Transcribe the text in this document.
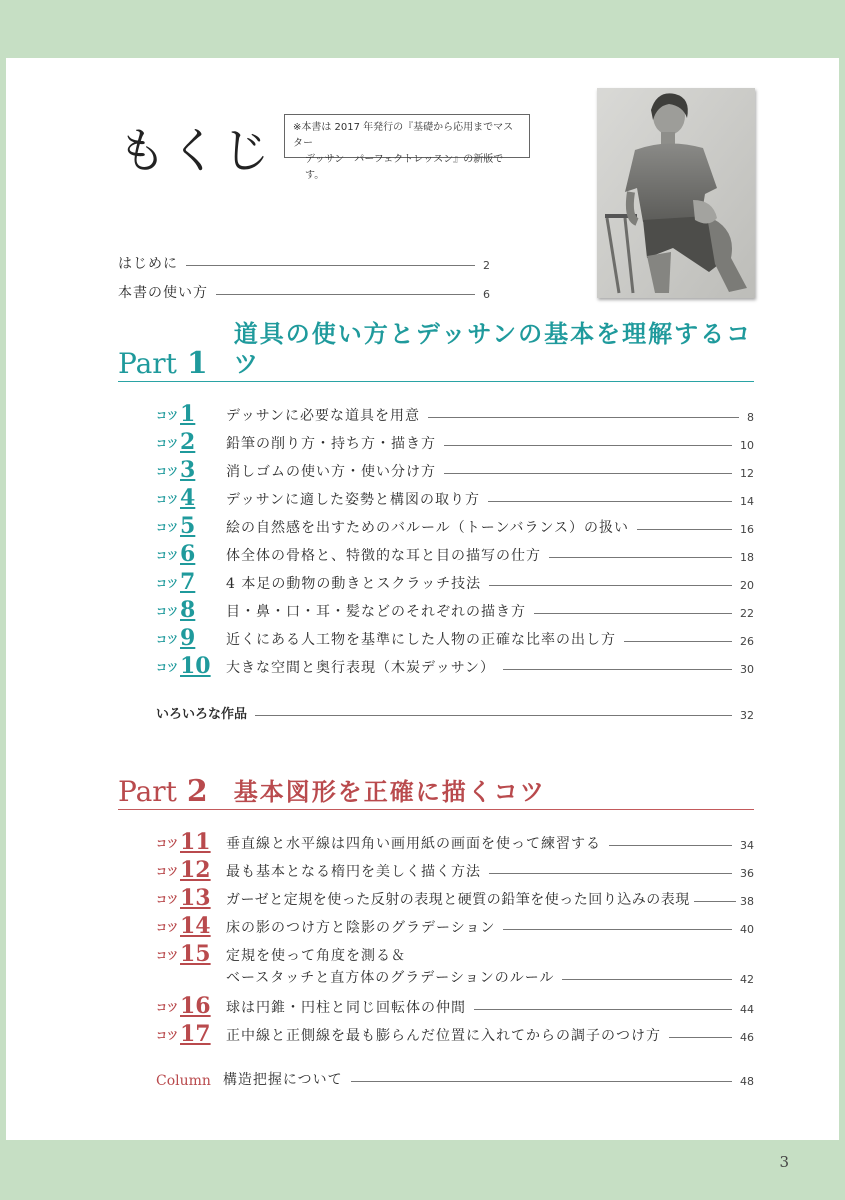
もくじ	※本書は 2017 年発行の『基礎から応用までマスター
デッサン　パーフェクトレッスン』の新版です。
はじめに	2
本書の使い方	6
Part 1
道具の使い方とデッサンの基本を理解するコツ
コツ 1 デッサンに必要な道具を用意	8
コツ 2 鉛筆の削り方・持ち方・描き方	10
コツ 3 消しゴムの使い方・使い分け方	12
コツ 4 デッサンに適した姿勢と構図の取り方	14
コツ 5 絵の自然感を出すためのバルール（トーンバランス）の扱い	16
コツ 6 体全体の骨格と、特徴的な耳と目の描写の仕方	18
コツ 7 4 本足の動物の動きとスクラッチ技法	20
コツ 8 目・鼻・口・耳・髪などのそれぞれの描き方	22
コツ 9 近くにある人工物を基準にした人物の正確な比率の出し方	26
コツ 10 大きな空間と奥行表現（木炭デッサン）	30
いろいろな作品	32
Part 2 基本図形を正確に描くコツ
コツ 11 垂直線と水平線は四角い画用紙の画面を使って練習する	34
コツ 12 最も基本となる楕円を美しく描く方法	36
コツ 13 ガーゼと定規を使った反射の表現と硬質の鉛筆を使った回り込みの表現	38
コツ 14 床の影のつけ方と陰影のグラデーション	40
コツ 15 定規を使って角度を測る＆
ベースタッチと直方体のグラデーションのルール	42
コツ 16 球は円錐・円柱と同じ回転体の仲間	44
コツ 17 正中線と正側線を最も膨らんだ位置に入れてからの調子のつけ方	46
Column 構造把握について	48
3
